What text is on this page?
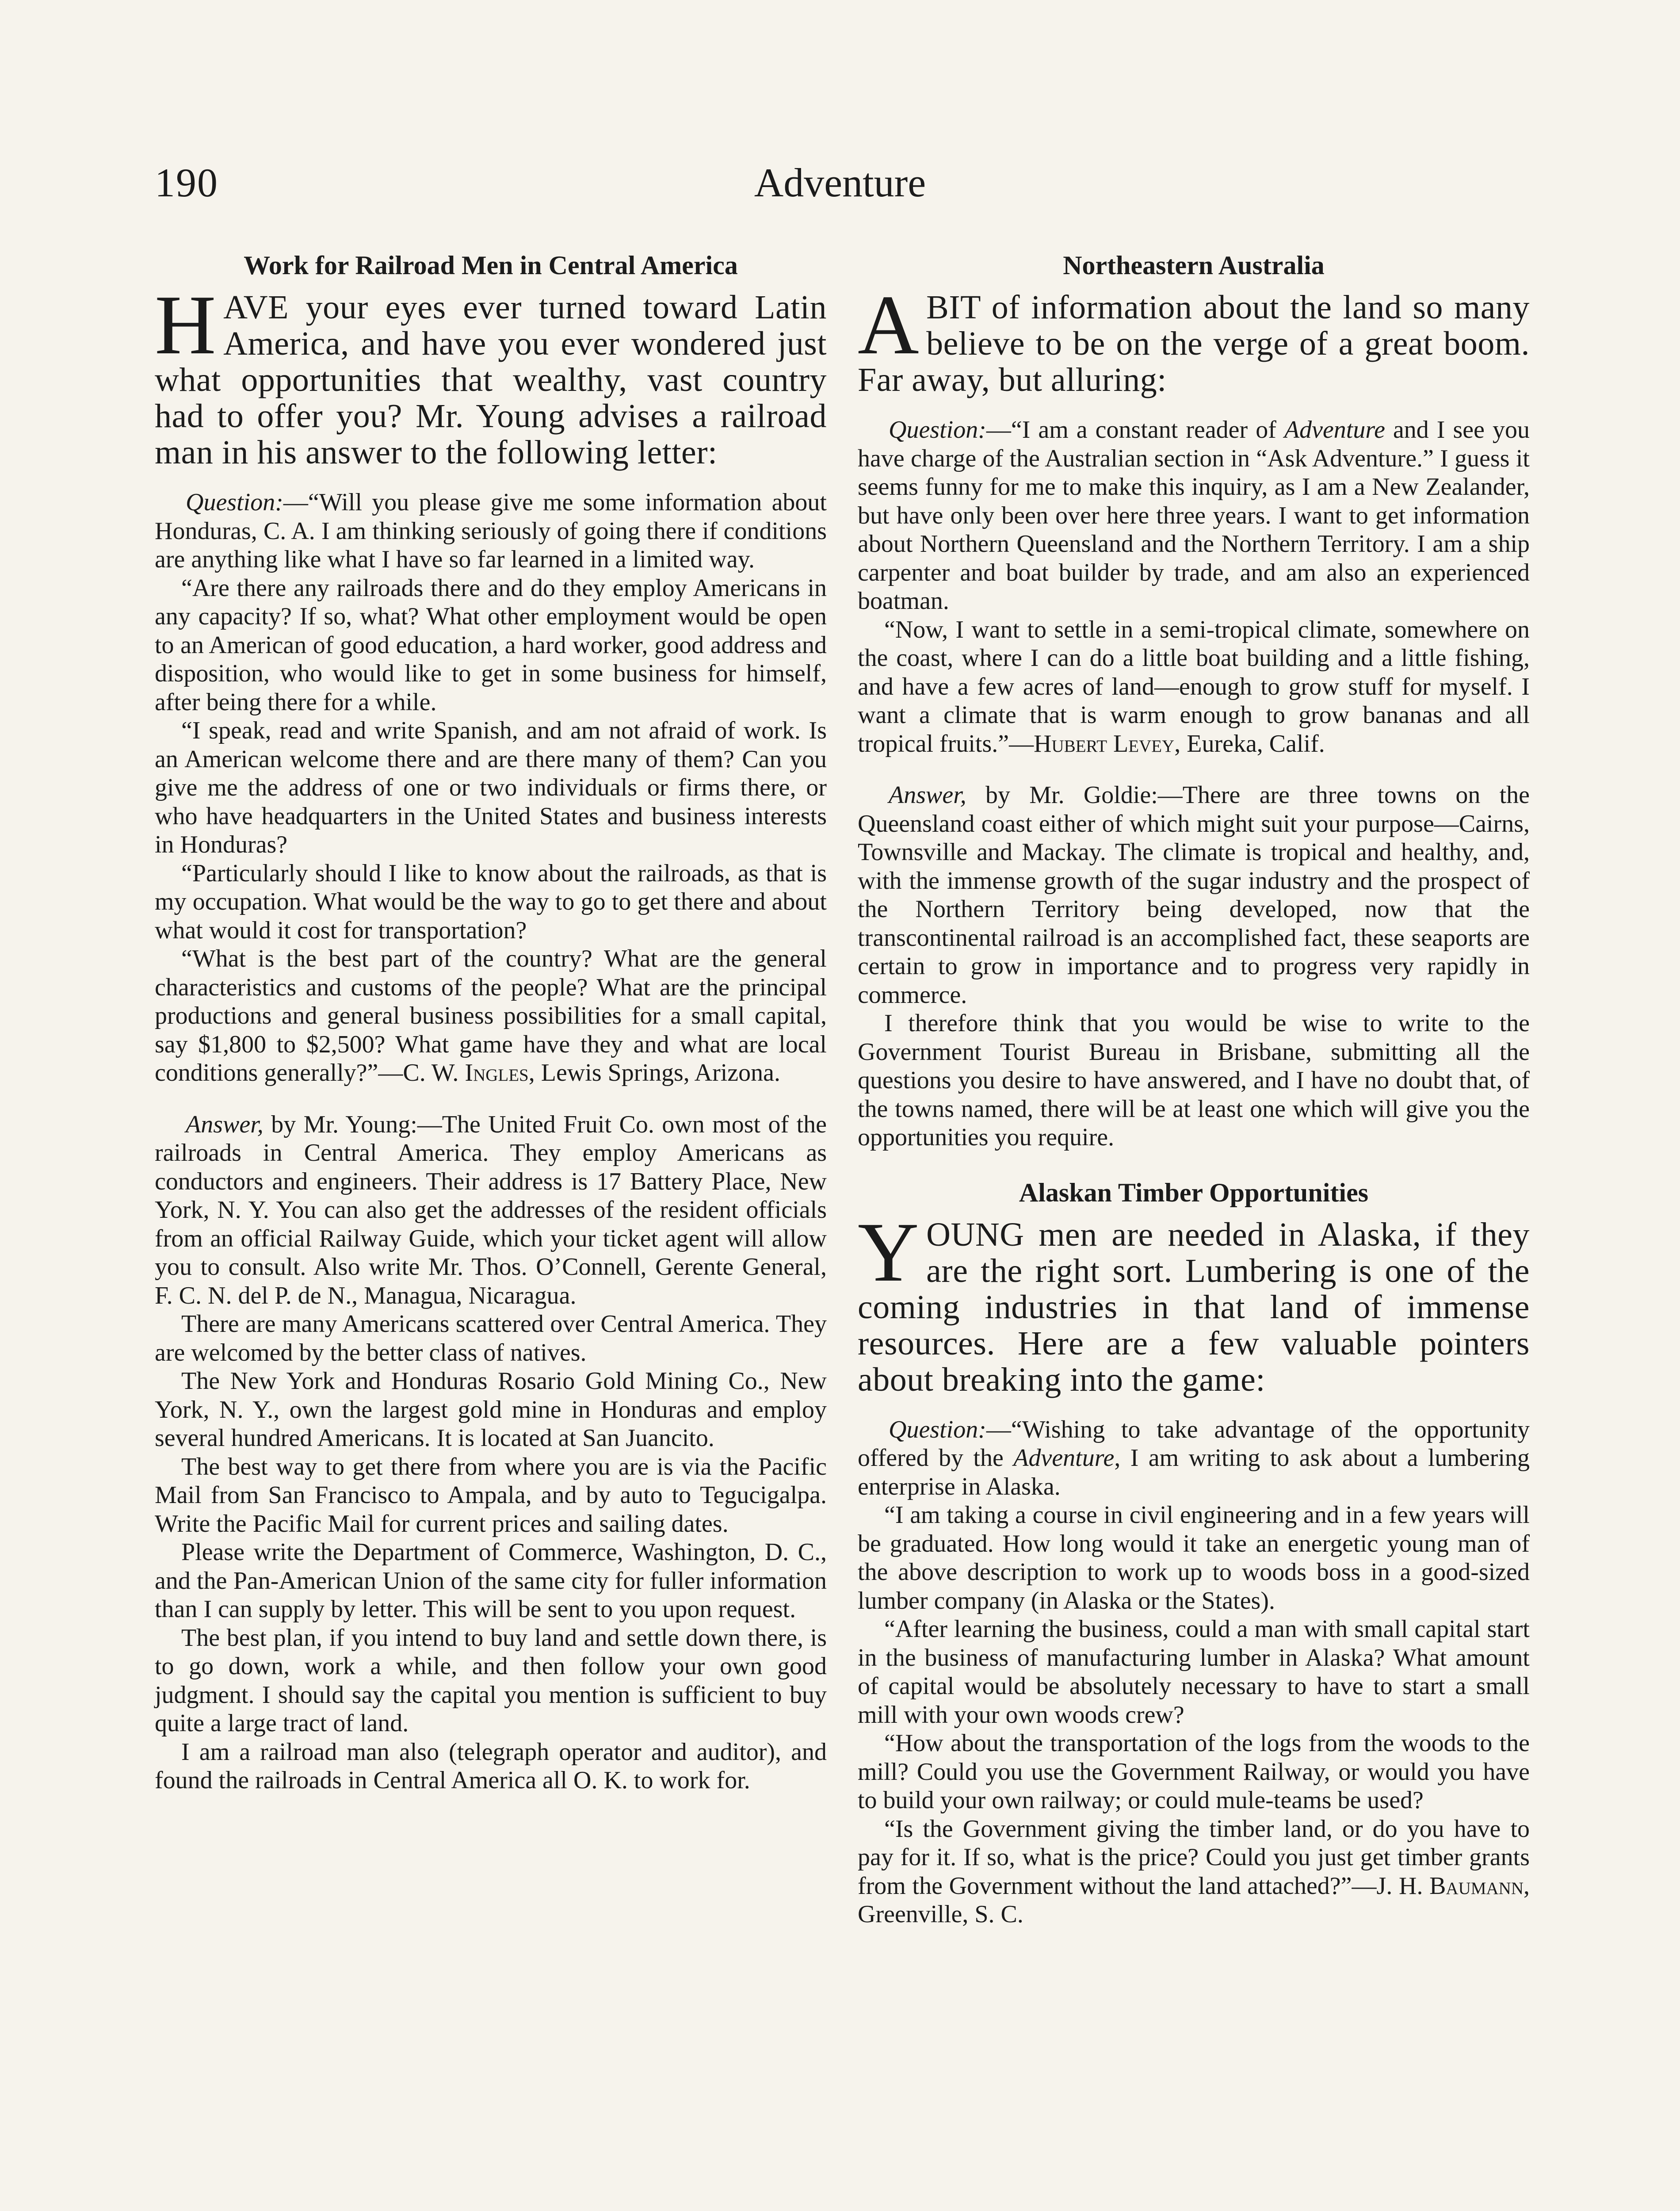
190	Adventure
Work for Railroad Men in Central America

HAVE your eyes ever turned toward Latin America, and have you ever wondered just what opportunities that wealthy, vast country had to offer you? Mr. Young advises a railroad man in his answer to the following letter:

Question:—“Will you please give me some information about Honduras, C. A. I am thinking seriously of going there if conditions are anything like what I have so far learned in a limited way.

“Are there any railroads there and do they employ Americans in any capacity? If so, what? What other employment would be open to an American of good education, a hard worker, good address and disposition, who would like to get in some business for himself, after being there for a while.

“I speak, read and write Spanish, and am not afraid of work. Is an American welcome there and are there many of them? Can you give me the address of one or two individuals or firms there, or who have headquarters in the United States and business interests in Honduras?

“Particularly should I like to know about the railroads, as that is my occupation. What would be the way to go to get there and about what would it cost for transportation?

“What is the best part of the country? What are the general characteristics and customs of the people? What are the principal productions and general business possibilities for a small capital, say $1,800 to $2,500? What game have they and what are local conditions generally?”—C. W. Ingles, Lewis Springs, Arizona.

Answer, by Mr. Young:—The United Fruit Co. own most of the railroads in Central America. They employ Americans as conductors and engineers. Their address is 17 Battery Place, New York, N. Y. You can also get the addresses of the resident officials from an official Railway Guide, which your ticket agent will allow you to consult. Also write Mr. Thos. O’Connell, Gerente General, F. C. N. del P. de N., Managua, Nicaragua.

There are many Americans scattered over Central America. They are welcomed by the better class of natives.

The New York and Honduras Rosario Gold Mining Co., New York, N. Y., own the largest gold mine in Honduras and employ several hundred Americans. It is located at San Juancito.

The best way to get there from where you are is via the Pacific Mail from San Francisco to Ampala, and by auto to Tegucigalpa. Write the Pacific Mail for current prices and sailing dates.

Please write the Department of Commerce, Washington, D. C., and the Pan-American Union of the same city for fuller information than I can supply by letter. This will be sent to you upon request.

The best plan, if you intend to buy land and settle down there, is to go down, work a while, and then follow your own good judgment. I should say the capital you mention is sufficient to buy quite a large tract of land.

I am a railroad man also (telegraph operator and auditor), and found the railroads in Central America all O. K. to work for.

Northeastern Australia

A BIT of information about the land so many believe to be on the verge of a great boom. Far away, but alluring:

Question:—“I am a constant reader of Adventure and I see you have charge of the Australian section in “Ask Adventure.” I guess it seems funny for me to make this inquiry, as I am a New Zealander, but have only been over here three years. I want to get information about Northern Queensland and the Northern Territory. I am a ship carpenter and boat builder by trade, and am also an experienced boatman.

“Now, I want to settle in a semi-tropical climate, somewhere on the coast, where I can do a little boat building and a little fishing, and have a few acres of land—enough to grow stuff for myself. I want a climate that is warm enough to grow bananas and all tropical fruits.”—Hubert Levey, Eureka, Calif.

Answer, by Mr. Goldie:—There are three towns on the Queensland coast either of which might suit your purpose—Cairns, Townsville and Mackay. The climate is tropical and healthy, and, with the immense growth of the sugar industry and the prospect of the Northern Territory being developed, now that the transcontinental railroad is an accomplished fact, these seaports are certain to grow in importance and to progress very rapidly in commerce.

I therefore think that you would be wise to write to the Government Tourist Bureau in Brisbane, submitting all the questions you desire to have answered, and I have no doubt that, of the towns named, there will be at least one which will give you the opportunities you require.

Alaskan Timber Opportunities

YOUNG men are needed in Alaska, if they are the right sort. Lumbering is one of the coming industries in that land of immense resources. Here are a few valuable pointers about breaking into the game:

Question:—“Wishing to take advantage of the opportunity offered by the Adventure, I am writing to ask about a lumbering enterprise in Alaska.

“I am taking a course in civil engineering and in a few years will be graduated. How long would it take an energetic young man of the above description to work up to woods boss in a good-sized lumber company (in Alaska or the States).

“After learning the business, could a man with small capital start in the business of manufacturing lumber in Alaska? What amount of capital would be absolutely necessary to have to start a small mill with your own woods crew?

“How about the transportation of the logs from the woods to the mill? Could you use the Government Railway, or would you have to build your own railway; or could mule-teams be used?

“Is the Government giving the timber land, or do you have to pay for it. If so, what is the price? Could you just get timber grants from the Government without the land attached?”—J. H. Baumann, Greenville, S. C.
